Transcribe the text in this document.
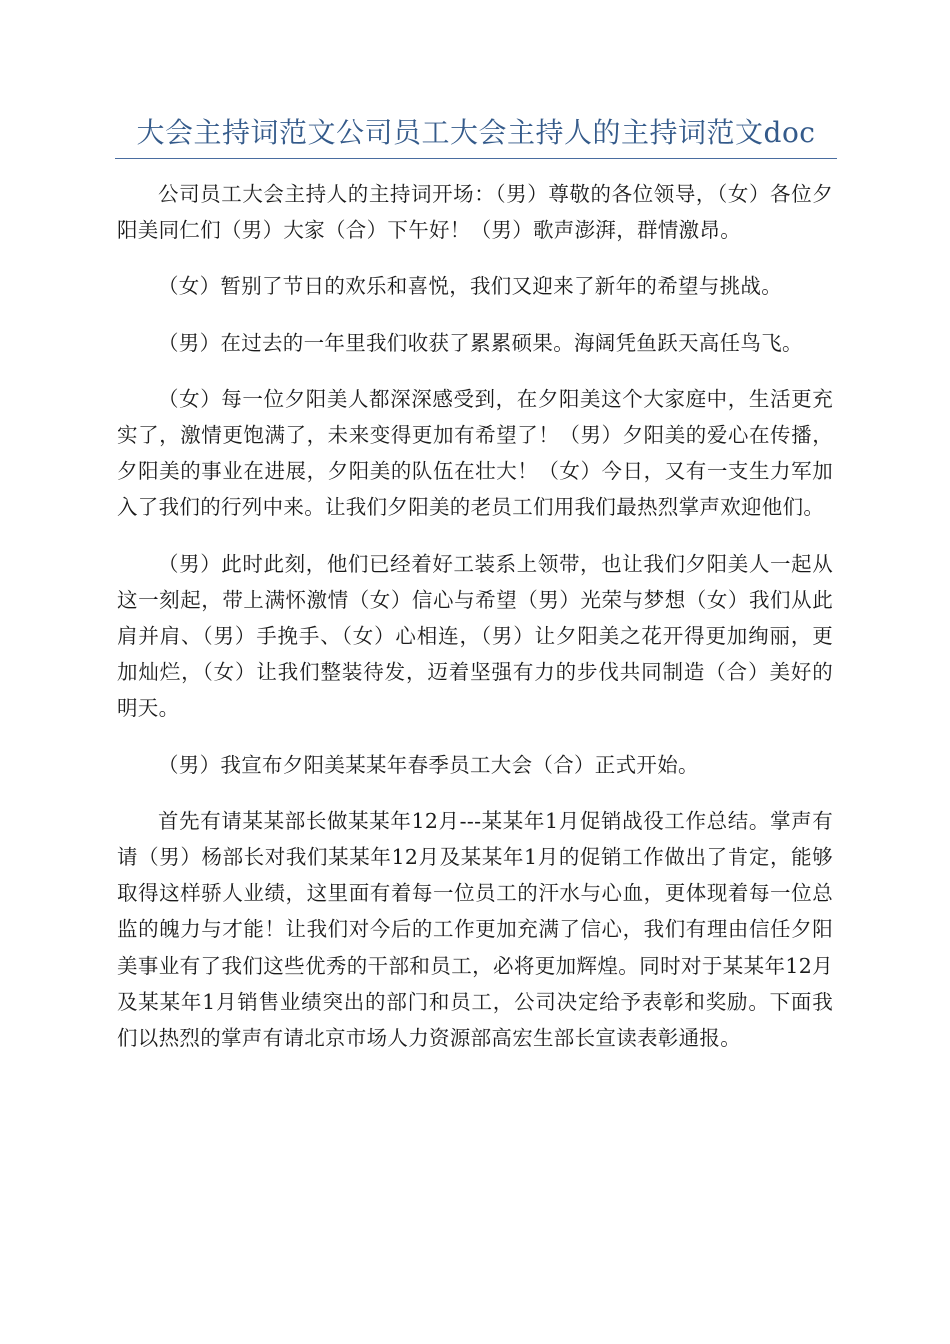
大会主持词范文公司员工大会主持人的主持词范文doc

公司员工大会主持人的主持词开场：（男）尊敬的各位领导，（女）各位夕阳美同仁们（男）大家（合）下午好！（男）歌声澎湃，群情激昂。

（女）暂别了节日的欢乐和喜悦，我们又迎来了新年的希望与挑战。

（男）在过去的一年里我们收获了累累硕果。海阔凭鱼跃天高任鸟飞。

（女）每一位夕阳美人都深深感受到，在夕阳美这个大家庭中，生活更充实了，激情更饱满了，未来变得更加有希望了！（男）夕阳美的爱心在传播，夕阳美的事业在进展，夕阳美的队伍在壮大！（女）今日，又有一支生力军加入了我们的行列中来。让我们夕阳美的老员工们用我们最热烈掌声欢迎他们。

（男）此时此刻，他们已经着好工装系上领带，也让我们夕阳美人一起从这一刻起，带上满怀激情（女）信心与希望（男）光荣与梦想（女）我们从此肩并肩、（男）手挽手、（女）心相连，（男）让夕阳美之花开得更加绚丽，更加灿烂，（女）让我们整装待发，迈着坚强有力的步伐共同制造（合）美好的明天。

（男）我宣布夕阳美某某年春季员工大会（合）正式开始。

首先有请某某部长做某某年12月---某某年1月促销战役工作总结。掌声有请（男）杨部长对我们某某年12月及某某年1月的促销工作做出了肯定，能够取得这样骄人业绩，这里面有着每一位员工的汗水与心血，更体现着每一位总监的魄力与才能！让我们对今后的工作更加充满了信心，我们有理由信任夕阳美事业有了我们这些优秀的干部和员工，必将更加辉煌。同时对于某某年12月及某某年1月销售业绩突出的部门和员工，公司决定给予表彰和奖励。下面我们以热烈的掌声有请北京市场人力资源部高宏生部长宣读表彰通报。
